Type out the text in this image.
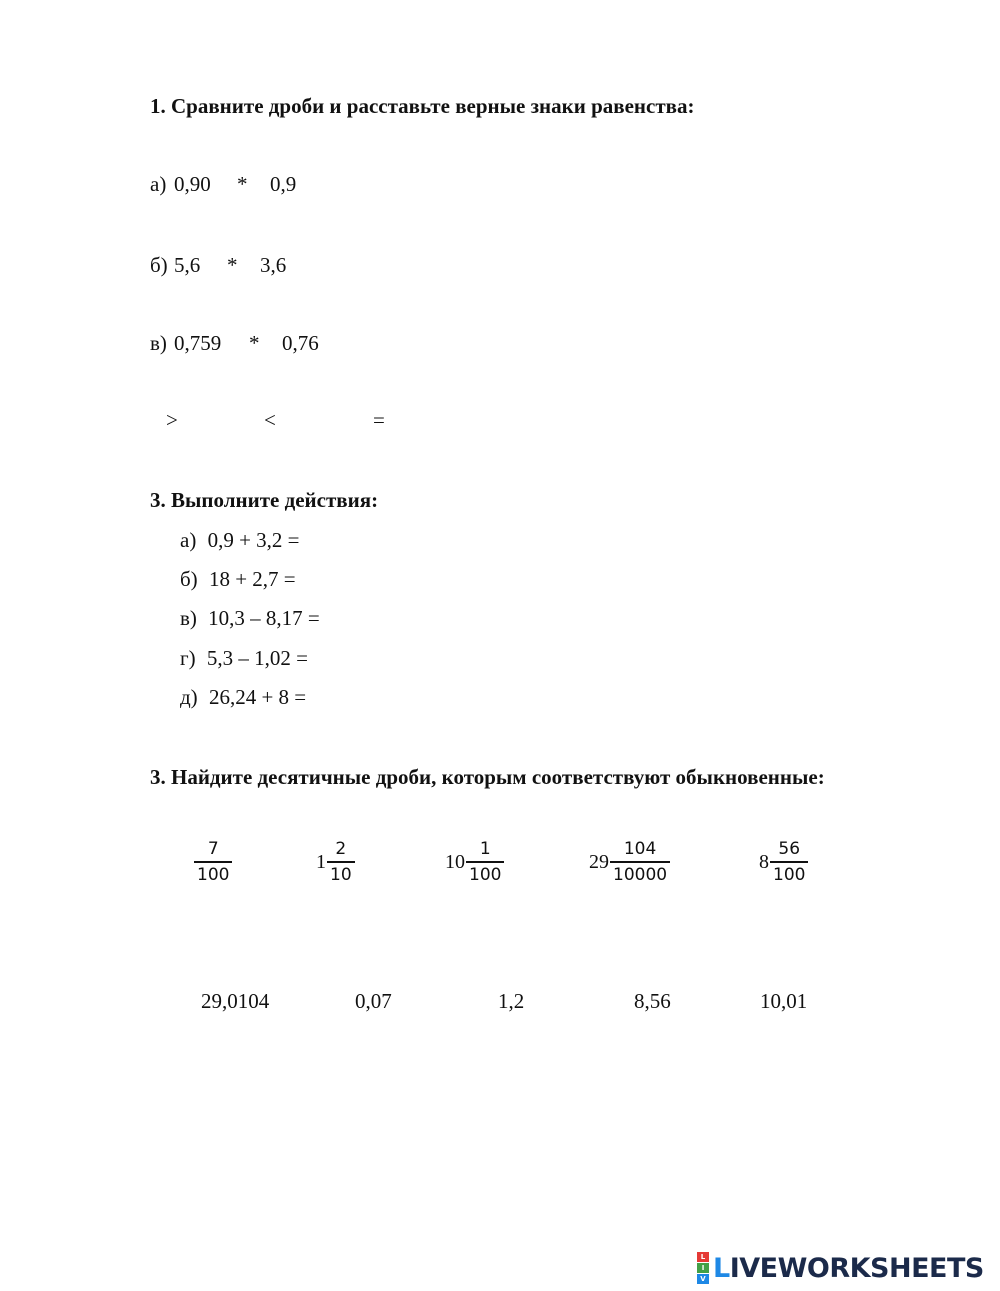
1. Сравните дроби и расставьте верные знаки равенства:
а) 0,90 * 0,9
б) 5,6 * 3,6
в) 0,759 * 0,76
>	<	=
3. Выполните действия:
а) 0,9 + 3,2 =
б) 18 + 2,7 =
в) 10,3 – 8,17 =
г) 5,3 – 1,02 =
д) 26,24 + 8 =
3. Найдите десятичные дроби, которым соответствуют обыкновенные:
$\frac{7}{100}$	$1 \frac{2}{10}$	$10 \frac{1}{100}$	$29 \frac{104}{10000}$	$8 \frac{56}{100}$
29,0104	0,07	1,2	8,56	10,01
L
I
V LIVEWORKSHEETS
